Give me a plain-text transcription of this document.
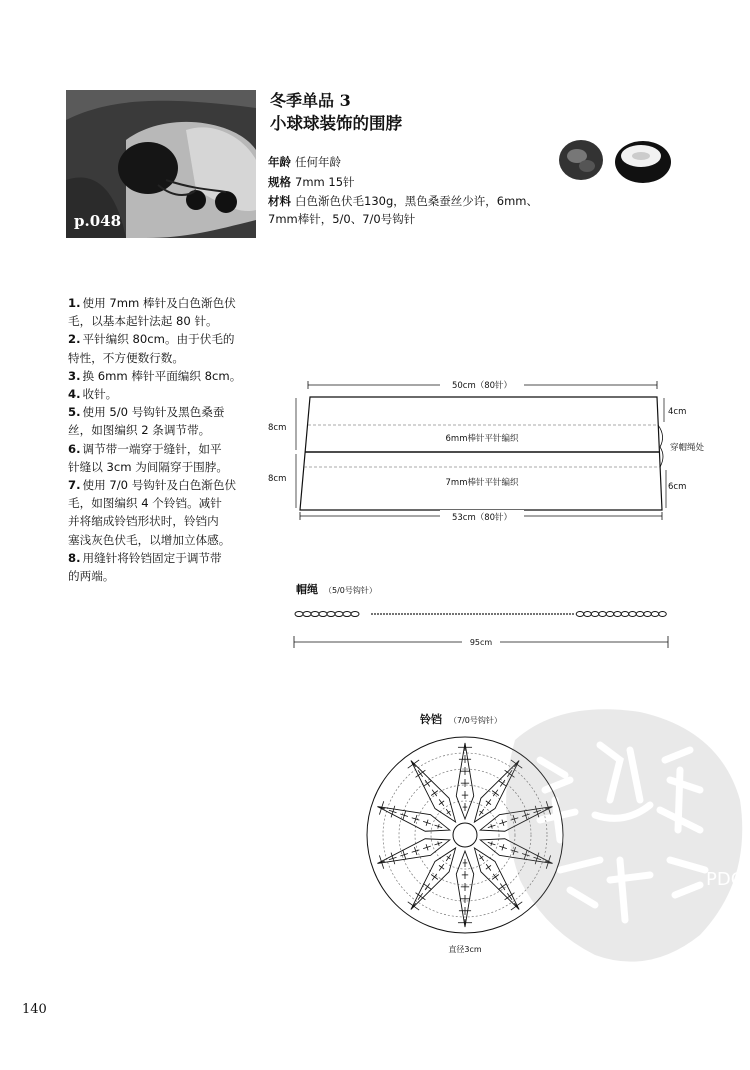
p.048
冬季单品 3
小球球装饰的围脖
年龄 任何年龄
规格 7mm 15针
材料 白色渐色伏毛130g，黑色桑蚕丝少许，6mm、
7mm棒针，5/0、7/0号钩针
1. 使用 7mm 棒针及白色渐色伏
毛，以基本起针法起 80 针。
2. 平针编织 80cm。由于伏毛的
特性，不方便数行数。
3. 换 6mm 棒针平面编织 8cm。
4. 收针。
5. 使用 5/0 号钩针及黑色桑蚕
丝，如图编织 2 条调节带。
6. 调节带一端穿于缝针，如平
针缝以 3cm 为间隔穿于围脖。
7. 使用 7/0 号钩针及白色渐色伏
毛，如图编织 4 个铃铛。减针
并将缩成铃铛形状时，铃铛内
塞浅灰色伏毛，以增加立体感。
8. 用缝针将铃铛固定于调节带
的两端。
50cm（80针）
6mm棒针平针编织
7mm棒针平针编织
8cm
8cm
4cm
6cm
穿帽绳处
53cm（80针）
帽绳 （5/0号钩针）
95cm
铃铛 （7/0号钩针）
直径3cm
PDG
140
